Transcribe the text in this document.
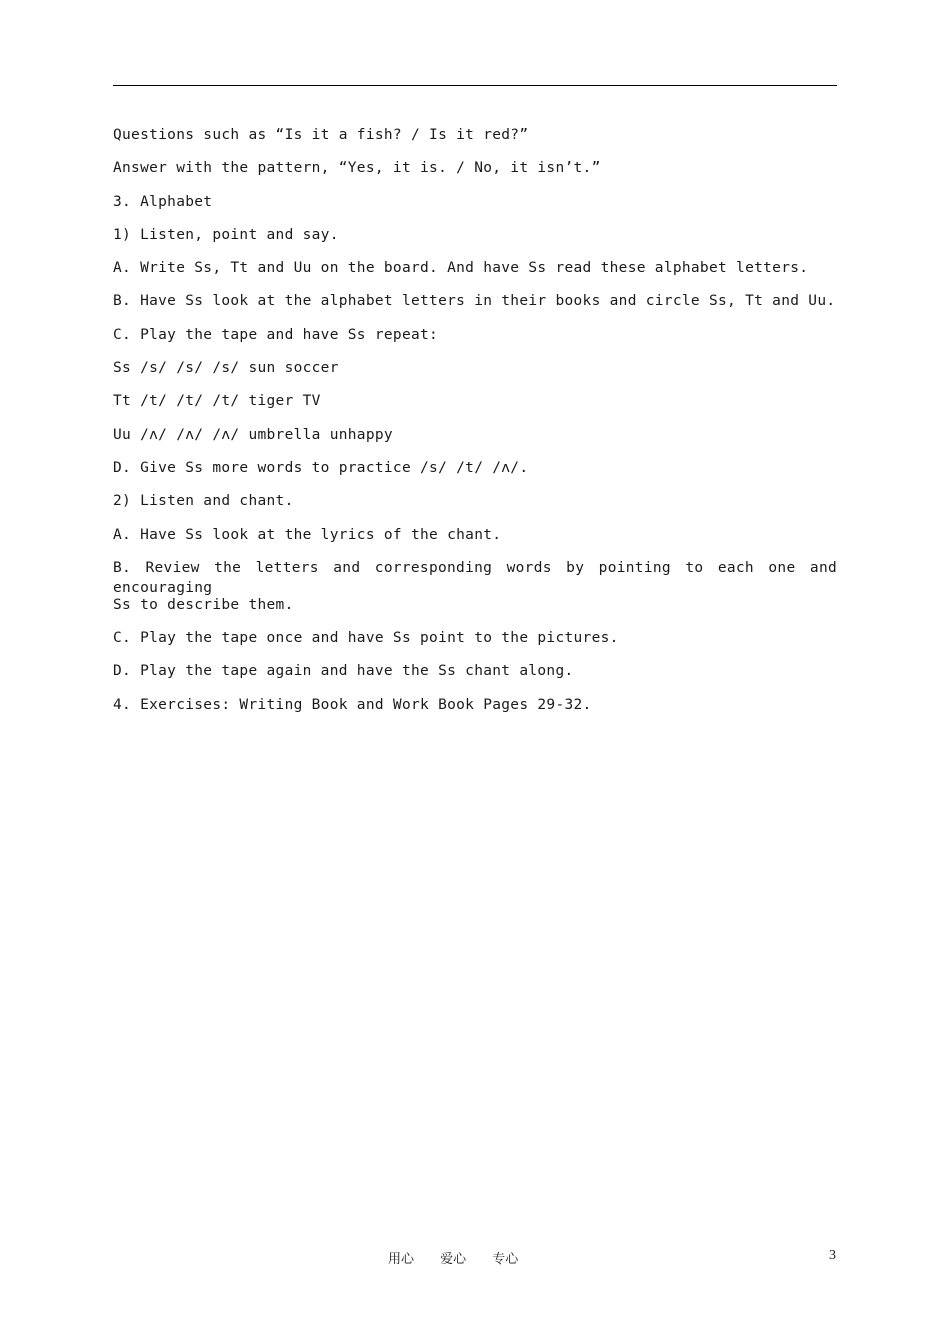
Questions such as “Is it a fish? / Is it red?”
Answer with the pattern, “Yes, it is. / No, it isn’t.”
3. Alphabet
1) Listen, point and say.
A. Write Ss, Tt and Uu on the board. And have Ss read these alphabet letters.
B. Have Ss look at the alphabet letters in their books and circle Ss, Tt and Uu.
C. Play the tape and have Ss repeat:
Ss /s/ /s/ /s/ sun soccer
Tt /t/ /t/ /t/ tiger TV
Uu /ʌ/ /ʌ/ /ʌ/ umbrella unhappy
D. Give Ss more words to practice /s/ /t/ /ʌ/.
2) Listen and chant.
A. Have Ss look at the lyrics of the chant.
B. Review the letters and corresponding words by pointing to each one and encouraging
Ss to describe them.
C. Play the tape once and have Ss point to the pictures.
D. Play the tape again and have the Ss chant along.
4. Exercises: Writing Book and Work Book Pages 29-32.
用心 爱心 专心	3
